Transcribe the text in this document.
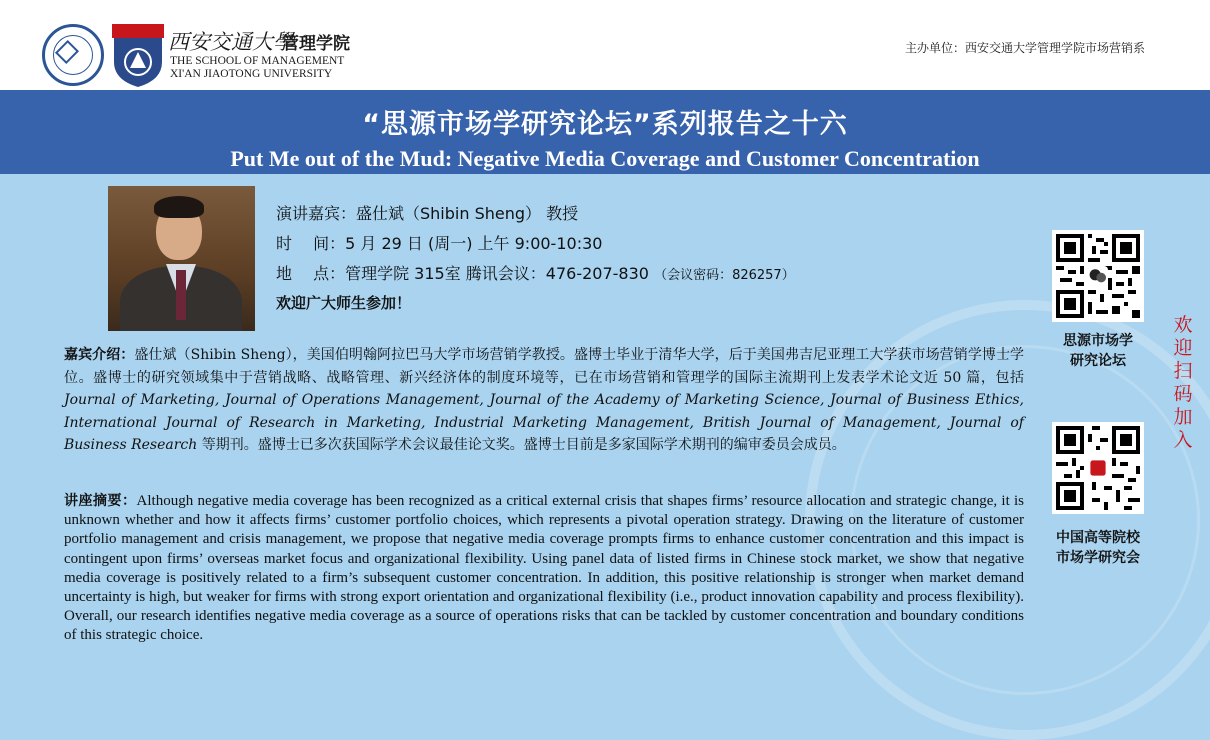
西安交通大學
管理学院
THE SCHOOL OF MANAGEMENT
XI'AN JIAOTONG UNIVERSITY
主办单位：西安交通大学管理学院市场营销系
“思源市场学研究论坛”系列报告之十六
Put Me out of the Mud: Negative Media Coverage and Customer Concentration
演讲嘉宾：盛仕斌（Shibin Sheng） 教授
时　 间：5 月 29 日 (周一) 上午 9:00-10:30
地　 点：管理学院 315室 腾讯会议：476-207-830 （会议密码：826257）
欢迎广大师生参加！
思源市场学
研究论坛
中国高等院校
市场学研究会
欢迎扫码加入
嘉宾介绍：盛仕斌（Shibin Sheng），美国伯明翰阿拉巴马大学市场营销学教授。盛博士毕业于清华大学，后于美国弗吉尼亚理工大学获市场营销学博士学位。盛博士的研究领域集中于营销战略、战略管理、新兴经济体的制度环境等，已在市场营销和管理学的国际主流期刊上发表学术论文近 50 篇，包括 Journal of Marketing, Journal of Operations Management, Journal of the Academy of Marketing Science, Journal of Business Ethics, International Journal of Research in Marketing, Industrial Marketing Management, British Journal of Management, Journal of Business Research 等期刊。盛博士已多次获国际学术会议最佳论文奖。盛博士目前是多家国际学术期刊的编审委员会成员。
讲座摘要：Although negative media coverage has been recognized as a critical external crisis that shapes firms’ resource allocation and strategic change, it is unknown whether and how it affects firms’ customer portfolio choices, which represents a pivotal operation strategy. Drawing on the literature of customer portfolio management and crisis management, we propose that negative media coverage prompts firms to enhance customer concentration and this impact is contingent upon firms’ overseas market focus and organizational flexibility. Using panel data of listed firms in Chinese stock market, we show that negative media coverage is positively related to a firm’s subsequent customer concentration. In addition, this positive relationship is stronger when market demand uncertainty is high, but weaker for firms with strong export orientation and organizational flexibility (i.e., product innovation capability and process flexibility). Overall, our research identifies negative media coverage as a source of operations risks that can be tackled by customer concentration and boundary conditions of this strategic choice.
